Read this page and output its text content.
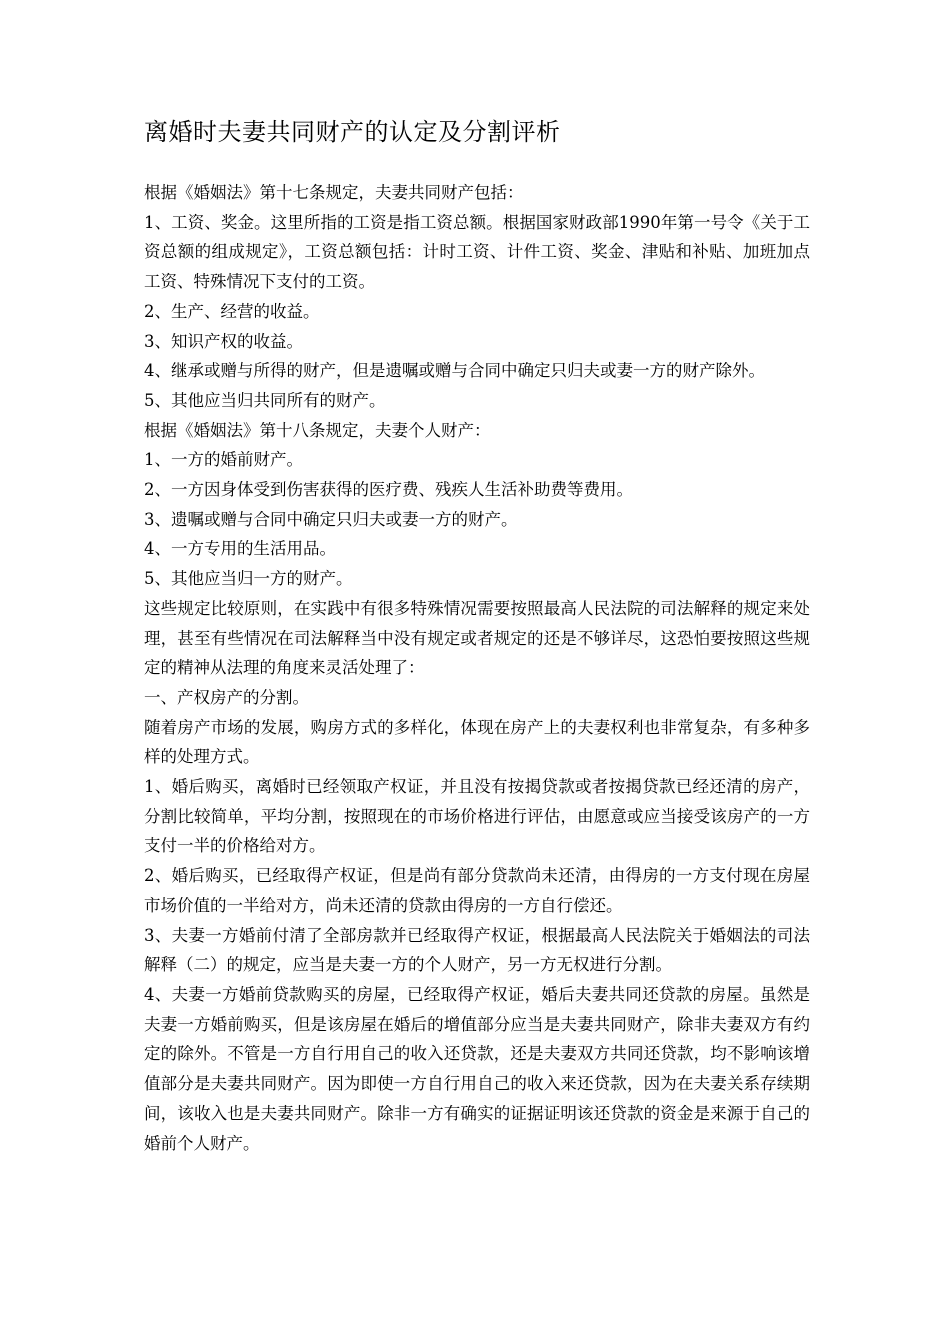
离婚时夫妻共同财产的认定及分割评析

根据《婚姻法》第十七条规定，夫妻共同财产包括：

1、工资、奖金。这里所指的工资是指工资总额。根据国家财政部1990年第一号令《关于工资总额的组成规定》，工资总额包括：计时工资、计件工资、奖金、津贴和补贴、加班加点工资、特殊情况下支付的工资。

2、生产、经营的收益。

3、知识产权的收益。

4、继承或赠与所得的财产，但是遗嘱或赠与合同中确定只归夫或妻一方的财产除外。

5、其他应当归共同所有的财产。

根据《婚姻法》第十八条规定，夫妻个人财产：

1、一方的婚前财产。

2、一方因身体受到伤害获得的医疗费、残疾人生活补助费等费用。

3、遗嘱或赠与合同中确定只归夫或妻一方的财产。

4、一方专用的生活用品。

5、其他应当归一方的财产。

这些规定比较原则，在实践中有很多特殊情况需要按照最高人民法院的司法解释的规定来处理，甚至有些情况在司法解释当中没有规定或者规定的还是不够详尽，这恐怕要按照这些规定的精神从法理的角度来灵活处理了：

一、产权房产的分割。

随着房产市场的发展，购房方式的多样化，体现在房产上的夫妻权利也非常复杂，有多种多样的处理方式。

1、婚后购买，离婚时已经领取产权证，并且没有按揭贷款或者按揭贷款已经还清的房产，分割比较简单，平均分割，按照现在的市场价格进行评估，由愿意或应当接受该房产的一方支付一半的价格给对方。

2、婚后购买，已经取得产权证，但是尚有部分贷款尚未还清，由得房的一方支付现在房屋市场价值的一半给对方，尚未还清的贷款由得房的一方自行偿还。

3、夫妻一方婚前付清了全部房款并已经取得产权证，根据最高人民法院关于婚姻法的司法解释（二）的规定，应当是夫妻一方的个人财产，另一方无权进行分割。

4、夫妻一方婚前贷款购买的房屋，已经取得产权证，婚后夫妻共同还贷款的房屋。虽然是夫妻一方婚前购买，但是该房屋在婚后的增值部分应当是夫妻共同财产，除非夫妻双方有约定的除外。不管是一方自行用自己的收入还贷款，还是夫妻双方共同还贷款，均不影响该增值部分是夫妻共同财产。因为即使一方自行用自己的收入来还贷款，因为在夫妻关系存续期间，该收入也是夫妻共同财产。除非一方有确实的证据证明该还贷款的资金是来源于自己的婚前个人财产。
